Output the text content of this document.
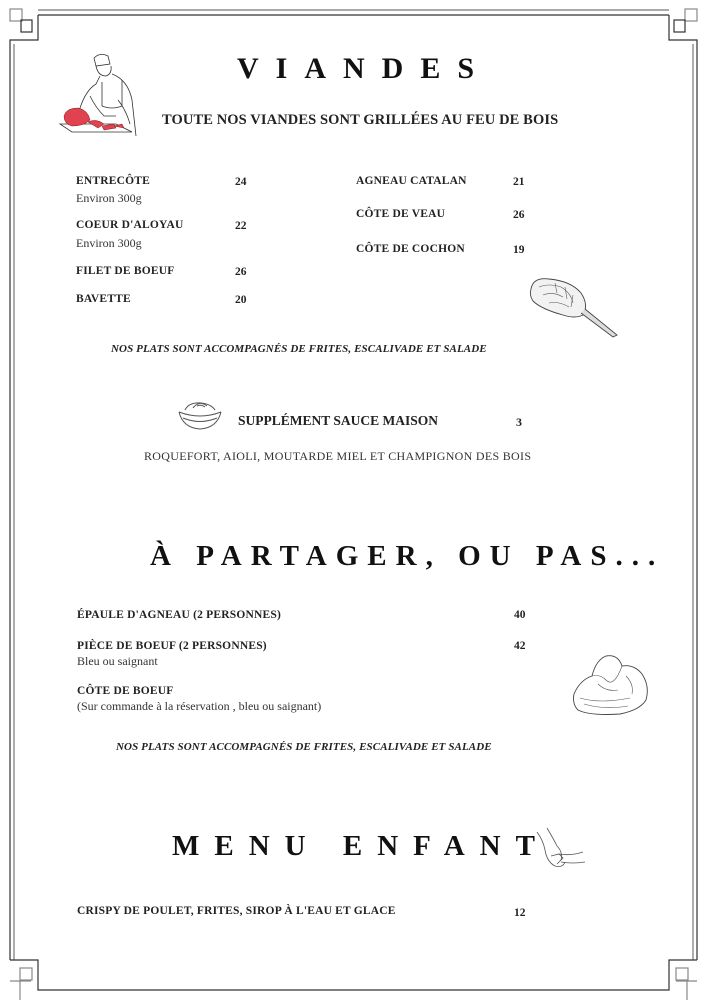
VIANDES
TOUTE NOS VIANDES SONT GRILLÉES AU FEU DE BOIS
ENTRECÔTE	24
Environ 300g
COEUR D'ALOYAU	22
Environ 300g
FILET DE BOEUF	26
BAVETTE	20
AGNEAU CATALAN	21
CÔTE DE VEAU	26
CÔTE DE COCHON	19
NOS PLATS SONT ACCOMPAGNÉS DE FRITES, ESCALIVADE ET SALADE
SUPPLÉMENT SAUCE MAISON	3
ROQUEFORT, AIOLI, MOUTARDE MIEL ET CHAMPIGNON DES BOIS
À PARTAGER, OU PAS...
ÉPAULE D'AGNEAU (2 PERSONNES)	40
PIÈCE DE BOEUF (2 PERSONNES)	42
Bleu ou saignant
CÔTE DE BOEUF
(Sur commande à la réservation , bleu ou saignant)
NOS PLATS SONT ACCOMPAGNÉS DE FRITES, ESCALIVADE ET SALADE
MENU ENFANT
CRISPY DE POULET, FRITES, SIROP À L'EAU ET GLACE	12
